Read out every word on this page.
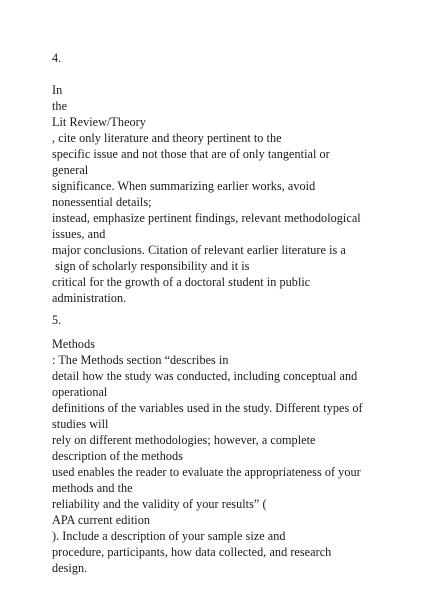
4.
In
the
Lit Review/Theory
, cite only literature and theory pertinent to the
specific issue and not those that are of only tangential or
general
significance. When summarizing earlier works, avoid
nonessential details;
instead, emphasize pertinent findings, relevant methodological
issues, and
major conclusions. Citation of relevant earlier literature is a
sign of scholarly responsibility and it is
critical for the growth of a doctoral student in public
administration.
5.
Methods
: The Methods section “describes in
detail how the study was conducted, including conceptual and
operational
definitions of the variables used in the study. Different types of
studies will
rely on different methodologies; however, a complete
description of the methods
used enables the reader to evaluate the appropriateness of your
methods and the
reliability and the validity of your results” (
APA current edition
). Include a description of your sample size and
procedure, participants, how data collected, and research
design.
